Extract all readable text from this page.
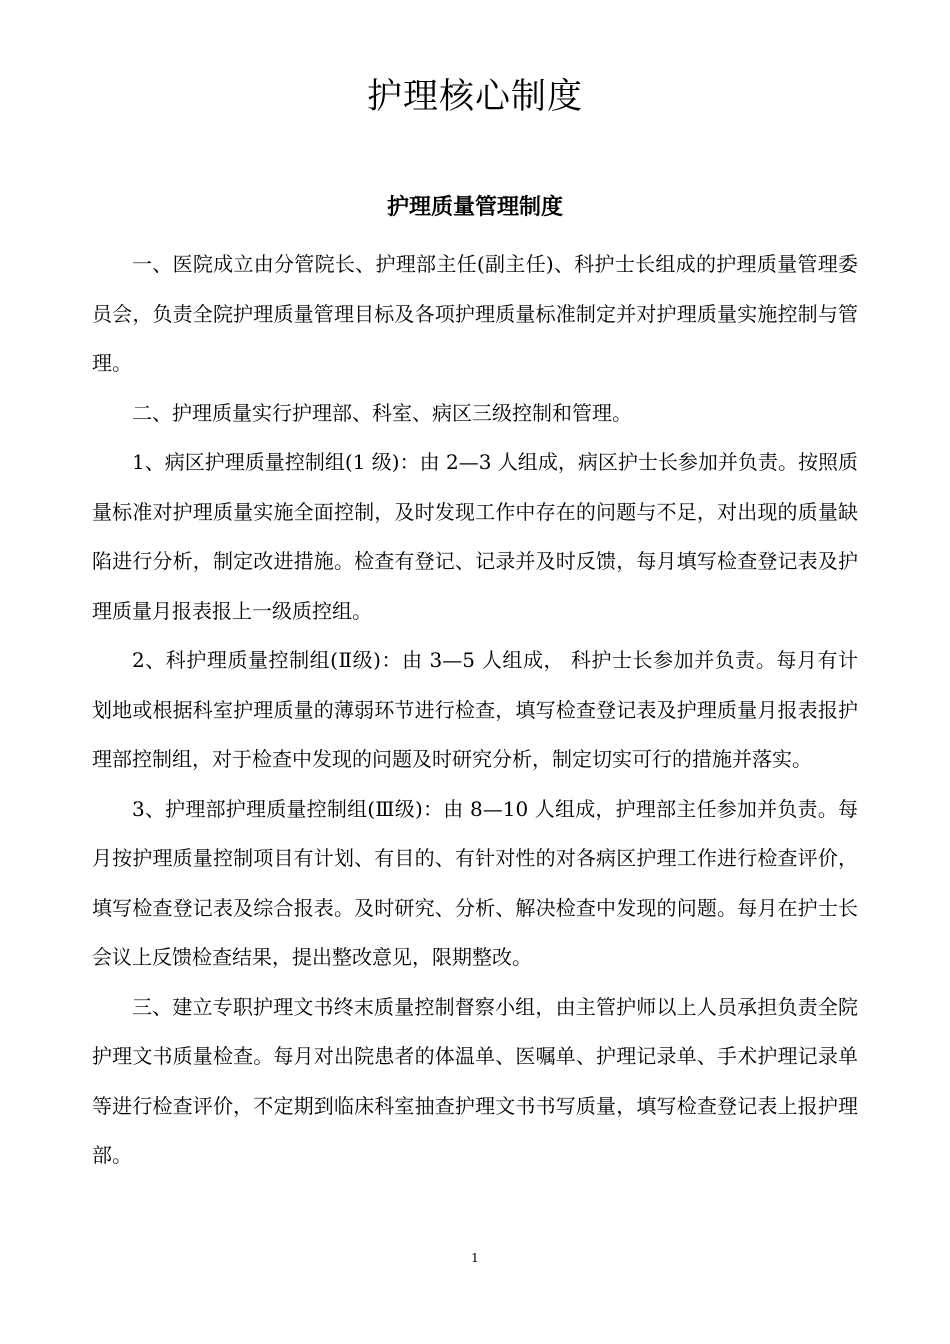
护理核心制度
护理质量管理制度

一、医院成立由分管院长、护理部主任(副主任)、科护士长组成的护理质量管理委员会，负责全院护理质量管理目标及各项护理质量标准制定并对护理质量实施控制与管理。

二、护理质量实行护理部、科室、病区三级控制和管理。

1、病区护理质量控制组(1 级)：由 2—3 人组成，病区护士长参加并负责。按照质量标准对护理质量实施全面控制，及时发现工作中存在的问题与不足，对出现的质量缺陷进行分析，制定改进措施。检查有登记、记录并及时反馈，每月填写检查登记表及护理质量月报表报上一级质控组。

2、科护理质量控制组(Ⅱ级)：由 3—5 人组成， 科护士长参加并负责。每月有计划地或根据科室护理质量的薄弱环节进行检查，填写检查登记表及护理质量月报表报护理部控制组，对于检查中发现的问题及时研究分析，制定切实可行的措施并落实。

3、护理部护理质量控制组(Ⅲ级)：由 8—10 人组成，护理部主任参加并负责。每月按护理质量控制项目有计划、有目的、有针对性的对各病区护理工作进行检查评价，填写检查登记表及综合报表。及时研究、分析、解决检查中发现的问题。每月在护士长会议上反馈检查结果，提出整改意见，限期整改。

三、建立专职护理文书终末质量控制督察小组，由主管护师以上人员承担负责全院护理文书质量检查。每月对出院患者的体温单、医嘱单、护理记录单、手术护理记录单等进行检查评价，不定期到临床科室抽查护理文书书写质量，填写检查登记表上报护理部。

1
